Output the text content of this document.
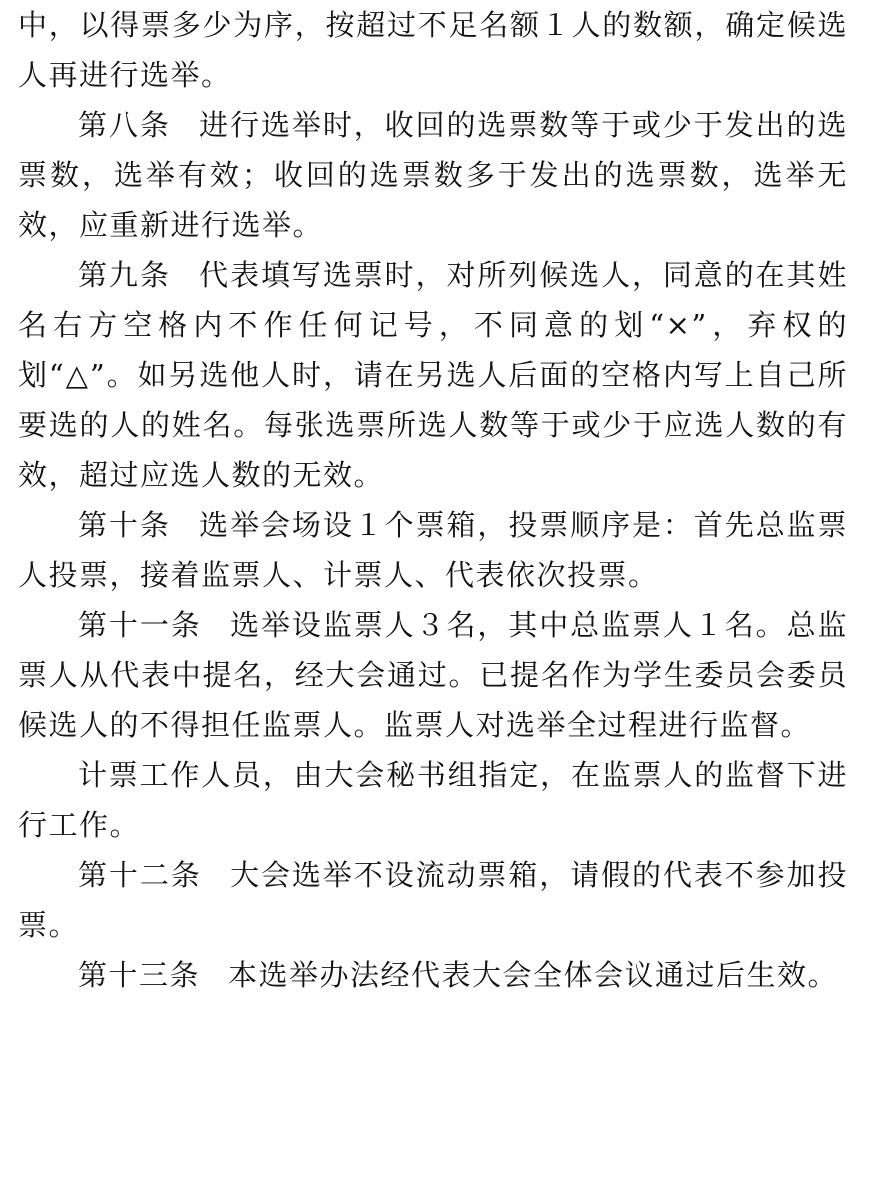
中，以得票多少为序，按超过不足名额１人的数额，确定候选人再进行选举。

第八条 进行选举时，收回的选票数等于或少于发出的选票数，选举有效；收回的选票数多于发出的选票数，选举无效，应重新进行选举。

第九条 代表填写选票时，对所列候选人，同意的在其姓名右方空格内不作任何记号，不同意的划“×”，弃权的划“△”。如另选他人时，请在另选人后面的空格内写上自己所要选的人的姓名。每张选票所选人数等于或少于应选人数的有效，超过应选人数的无效。

第十条 选举会场设１个票箱，投票顺序是：首先总监票人投票，接着监票人、计票人、代表依次投票。

第十一条 选举设监票人３名，其中总监票人１名。总监票人从代表中提名，经大会通过。已提名作为学生委员会委员候选人的不得担任监票人。监票人对选举全过程进行监督。

计票工作人员，由大会秘书组指定，在监票人的监督下进行工作。

第十二条 大会选举不设流动票箱，请假的代表不参加投票。

第十三条 本选举办法经代表大会全体会议通过后生效。
